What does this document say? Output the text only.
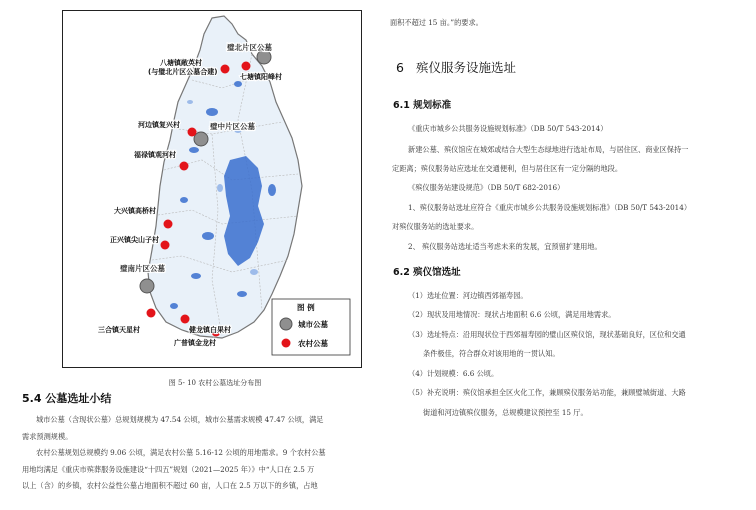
璧北片区公墓
璧中片区公墓
璧南片区公墓
八塘镇敞英村
(与璧北片区公墓合建)
七塘镇阳峰村
河边镇复兴村
福禄镇观河村
大兴镇高桥村
正兴镇尖山子村
三合镇天星村	健龙镇白果村
广普镇金龙村
图 例
城市公墓
农村公墓
图 5- 10 农村公墓选址分布图
5.4 公墓选址小结

城市公墓（含现状公墓）总规划规模为 47.54 公顷，城市公墓需求规模 47.47 公顷，满足

需求预测规模。

农村公墓规划总规模约 9.06 公顷，满足农村公墓 5.16-12 公顷的用地需求。9 个农村公墓

用地均满足《重庆市殡葬服务设施建设“十四五”规划（2021—2025 年）》中“人口在 2.5 万

以上（含）的乡镇，农村公益性公墓占地面积不超过 60 亩，人口在 2.5 万以下的乡镇，占地

面积不超过 15 亩。”的要求。
6 殡仪服务设施选址
6.1 规划标准
《重庆市城乡公共服务设施规划标准》（DB 50/T 543-2014）
新建公墓、殡仪馆应在城郊或结合大型生态绿地进行选址布局，与居住区、商业区保持一
定距离；殡仪服务站应选址在交通便利，但与居住区有一定分隔的地段。
《殡仪服务站建设规范》（DB 50/T 682-2016）
1、殡仪服务站选址应符合《重庆市城乡公共服务设施规划标准》（DB 50/T 543-2014）
对殡仪服务站的选址要求。
2、 殡仪服务站选址适当考虑未来的发展，宜预留扩建用地。
6.2 殡仪馆选址
（1）选址位置：河边镇西郊福寿园。
（2）现状及用地情况：现状占地面积 6.6 公顷，满足用地需求。
（3）选址特点：沿用现状位于西郊福寿园的璧山区殡仪馆，现状基础良好，区位和交通
条件极佳，符合群众对该用地的一贯认知。
（4）计划规模：6.6 公顷。
（5）补充说明：殡仪馆承担全区火化工作，兼顾殡仪服务站功能，兼顾璧城街道、大路
街道和河边镇殡仪服务，总规模建议预控至 15 厅。
